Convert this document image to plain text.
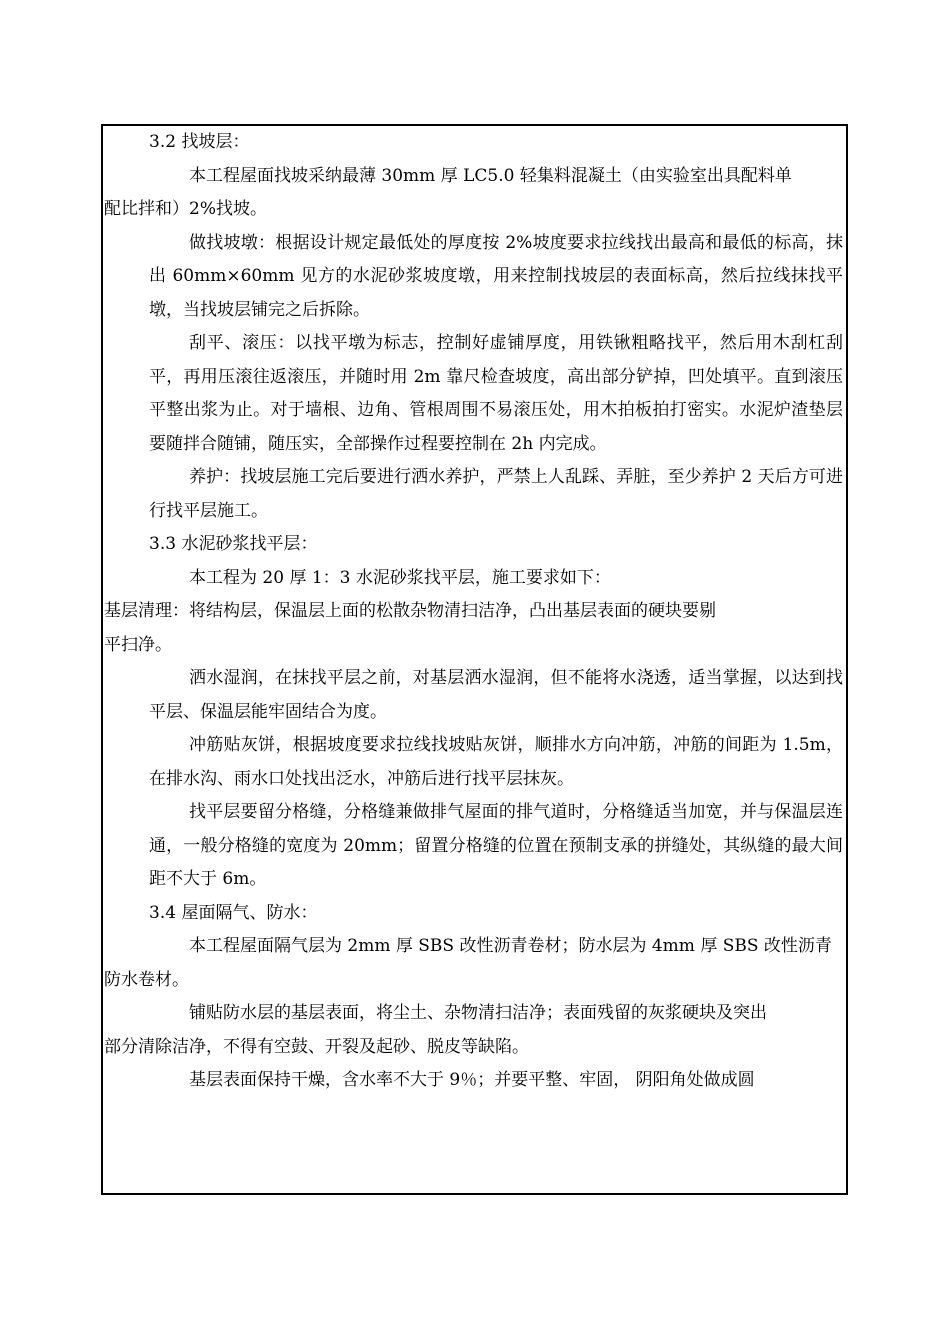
3.2 找坡层：

本工程屋面找坡采纳最薄 30mm 厚 LC5.0 轻集料混凝土（由实验室出具配料单

配比拌和）2%找坡。

做找坡墩：根据设计规定最低处的厚度按 2%坡度要求拉线找出最高和最低的标高，抹出 60mm×60mm 见方的水泥砂浆坡度墩，用来控制找坡层的表面标高，然后拉线抹找平墩，当找坡层铺完之后拆除。

刮平、滚压：以找平墩为标志，控制好虚铺厚度，用铁锹粗略找平，然后用木刮杠刮平，再用压滚往返滚压，并随时用 2m 靠尺检查坡度，高出部分铲掉，凹处填平。直到滚压平整出浆为止。对于墙根、边角、管根周围不易滚压处，用木拍板拍打密实。水泥炉渣垫层要随拌合随铺，随压实，全部操作过程要控制在 2h 内完成。

养护：找坡层施工完后要进行洒水养护，严禁上人乱踩、弄脏，至少养护 2 天后方可进行找平层施工。

3.3 水泥砂浆找平层：

本工程为 20 厚 1：3 水泥砂浆找平层，施工要求如下：

基层清理：将结构层，保温层上面的松散杂物清扫洁净，凸出基层表面的硬块要剔

平扫净。

洒水湿润，在抹找平层之前，对基层洒水湿润，但不能将水浇透，适当掌握，以达到找平层、保温层能牢固结合为度。

冲筋贴灰饼，根据坡度要求拉线找坡贴灰饼，顺排水方向冲筋，冲筋的间距为 1.5m，在排水沟、雨水口处找出泛水，冲筋后进行找平层抹灰。

找平层要留分格缝，分格缝兼做排气屋面的排气道时，分格缝适当加宽，并与保温层连通，一般分格缝的宽度为 20mm；留置分格缝的位置在预制支承的拼缝处，其纵缝的最大间距不大于 6m。

3.4 屋面隔气、防水：

本工程屋面隔气层为 2mm 厚 SBS 改性沥青卷材；防水层为 4mm 厚 SBS 改性沥青

防水卷材。

铺贴防水层的基层表面，将尘土、杂物清扫洁净；表面残留的灰浆硬块及突出

部分清除洁净，不得有空鼓、开裂及起砂、脱皮等缺陷。

基层表面保持干燥，含水率不大于 9％；并要平整、牢固， 阴阳角处做成圆
